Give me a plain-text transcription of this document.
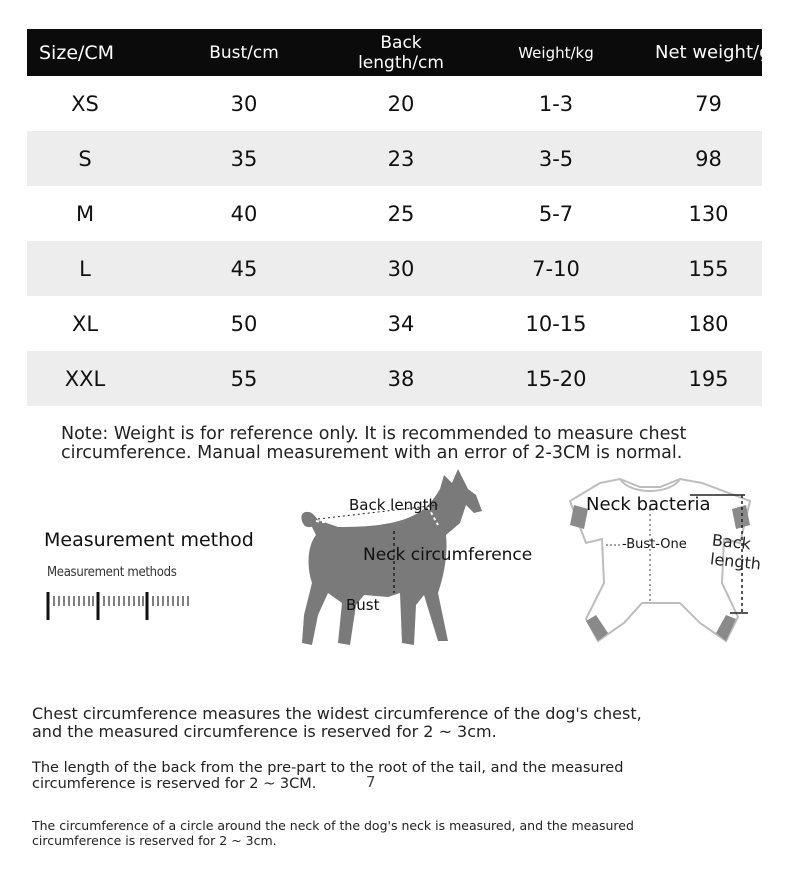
Size/CM	Bust/cm	Back length/cm	Weight/kg	Net weight/g
XS	30	20	1-3	79
S	35	23	3-5	98
M	40	25	5-7	130
L	45	30	7-10	155
XL	50	34	10-15	180
XXL	55	38	15-20	195
Note: Weight is for reference only. It is recommended to measure chest
circumference. Manual measurement with an error of 2-3CM is normal.
Measurement method
Measurement methods
Back length
Neck circumference
Bust
Neck bacteria
-Bust-One Back
length
Chest circumference measures the widest circumference of the dog's chest,
and the measured circumference is reserved for 2 ~ 3cm.
The length of the back from the pre-part to the root of the tail, and the measured
circumference is reserved for 2 ~ 3CM.	7
The circumference of a circle around the neck of the dog's neck is measured, and the measured
circumference is reserved for 2 ~ 3cm.
